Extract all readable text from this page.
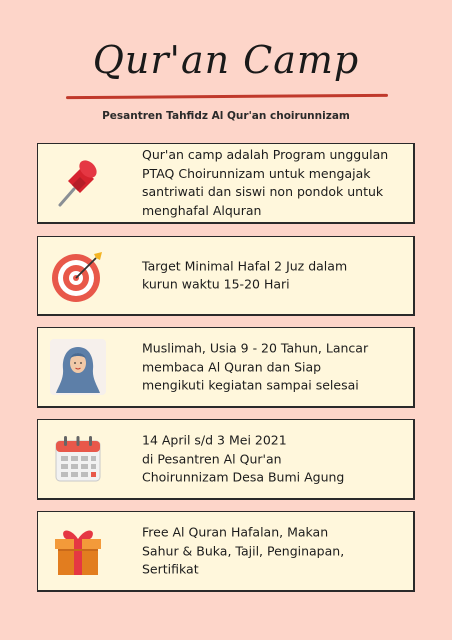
Qur'an Camp
Pesantren Tahfidz Al Qur'an choirunnizam
Qur'an camp adalah Program unggulan
PTAQ Choirunnizam untuk mengajak
santriwati dan siswi non pondok untuk
menghafal Alquran
Target Minimal Hafal 2 Juz dalam
kurun waktu 15-20 Hari
Muslimah, Usia 9 - 20 Tahun, Lancar
membaca Al Quran dan Siap
mengikuti kegiatan sampai selesai
14 April s/d 3 Mei 2021
di Pesantren Al Qur'an
Choirunnizam Desa Bumi Agung
Free Al Quran Hafalan, Makan
Sahur & Buka, Tajil, Penginapan,
Sertifikat
